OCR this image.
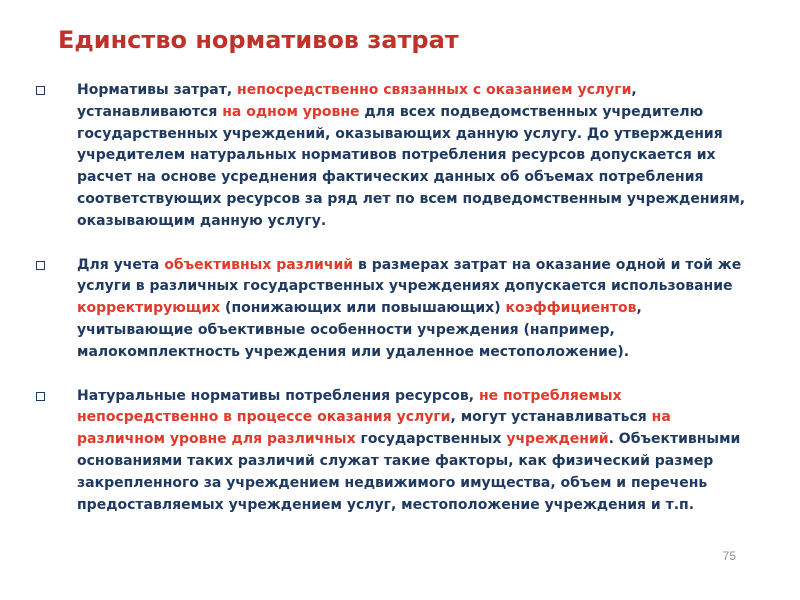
Единство нормативов затрат
Нормативы затрат, непосредственно связанных с оказанием услуги, устанавливаются на одном уровне для всех подведомственных учредителю государственных учреждений, оказывающих данную услугу. До утверждения учредителем натуральных нормативов потребления ресурсов допускается их расчет на основе усреднения фактических данных об объемах потребления соответствующих ресурсов за ряд лет по всем подведомственным учреждениям, оказывающим данную услугу.
Для учета объективных различий в размерах затрат на оказание одной и той же услуги в различных государственных учреждениях допускается использование корректирующих (понижающих или повышающих) коэффициентов, учитывающие объективные особенности учреждения (например, малокомплектность учреждения или удаленное местоположение).
Натуральные нормативы потребления ресурсов, не потребляемых непосредственно в процессе оказания услуги, могут устанавливаться на различном уровне для различных государственных учреждений. Объективными основаниями таких различий служат такие факторы, как физический размер закрепленного за учреждением недвижимого имущества, объем и перечень предоставляемых учреждением услуг, местоположение учреждения и т.п.
75
